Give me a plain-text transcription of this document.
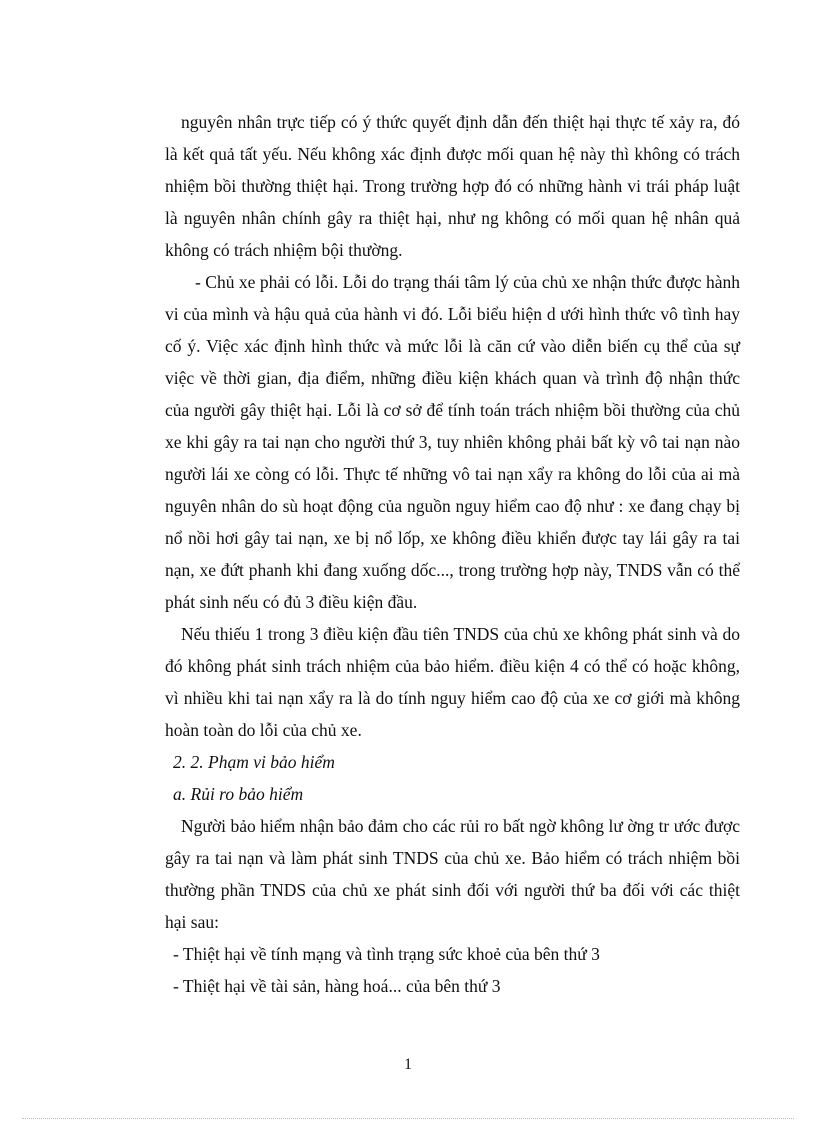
nguyên nhân trực tiếp có ý thức quyết định dẫn đến thiệt hại thực tế xảy ra, đó là kết quả tất yếu. Nếu không xác định được mối quan hệ này thì không có trách nhiệm bồi thường thiệt hại. Trong trường hợp đó có những hành vi trái pháp luật là nguyên nhân chính gây ra thiệt hại, như ng không có mối quan hệ nhân quả không có trách nhiệm bội thường.

- Chủ xe phải có lỗi. Lỗi do trạng thái tâm lý của chủ xe nhận thức được hành vi của mình và hậu quả của hành vi đó. Lỗi biểu hiện d ưới hình thức vô tình hay cố ý. Việc xác định hình thức và mức lỗi là căn cứ vào diễn biến cụ thể của sự việc về thời gian, địa điểm, những điều kiện khách quan và trình độ nhận thức của người gây thiệt hại. Lỗi là cơ sở để tính toán trách nhiệm bồi thường của chủ xe khi gây ra tai nạn cho người thứ 3, tuy nhiên không phải bất kỳ vô tai nạn nào người lái xe còng có lỗi. Thực tế những vô tai nạn xẩy ra không do lỗi của ai mà nguyên nhân do sù hoạt động của nguồn nguy hiểm cao độ như : xe đang chạy bị nổ nồi hơi gây tai nạn, xe bị nổ lốp, xe không điều khiển được tay lái gây ra tai nạn, xe đứt phanh khi đang xuống dốc..., trong trường hợp này, TNDS vẫn có thể phát sinh nếu có đủ 3 điều kiện đầu.

Nếu thiếu 1 trong 3 điều kiện đầu tiên TNDS của chủ xe không phát sinh và do đó không phát sinh trách nhiệm của bảo hiểm. điều kiện 4 có thể có hoặc không, vì nhiều khi tai nạn xẩy ra là do tính nguy hiểm cao độ của xe cơ giới mà không hoàn toàn do lỗi của chủ xe.

2. 2. Phạm vi bảo hiểm

a. Rủi ro bảo hiểm

Người bảo hiểm nhận bảo đảm cho các rủi ro bất ngờ không lư ờng tr ước được gây ra tai nạn và làm phát sinh TNDS của chủ xe. Bảo hiểm có trách nhiệm bồi thường phần TNDS của chủ xe phát sinh đối với người thứ ba đối với các thiệt hại sau:

- Thiệt hại về tính mạng và tình trạng sức khoẻ của bên thứ 3

- Thiệt hại về tài sản, hàng hoá... của bên thứ 3

1
